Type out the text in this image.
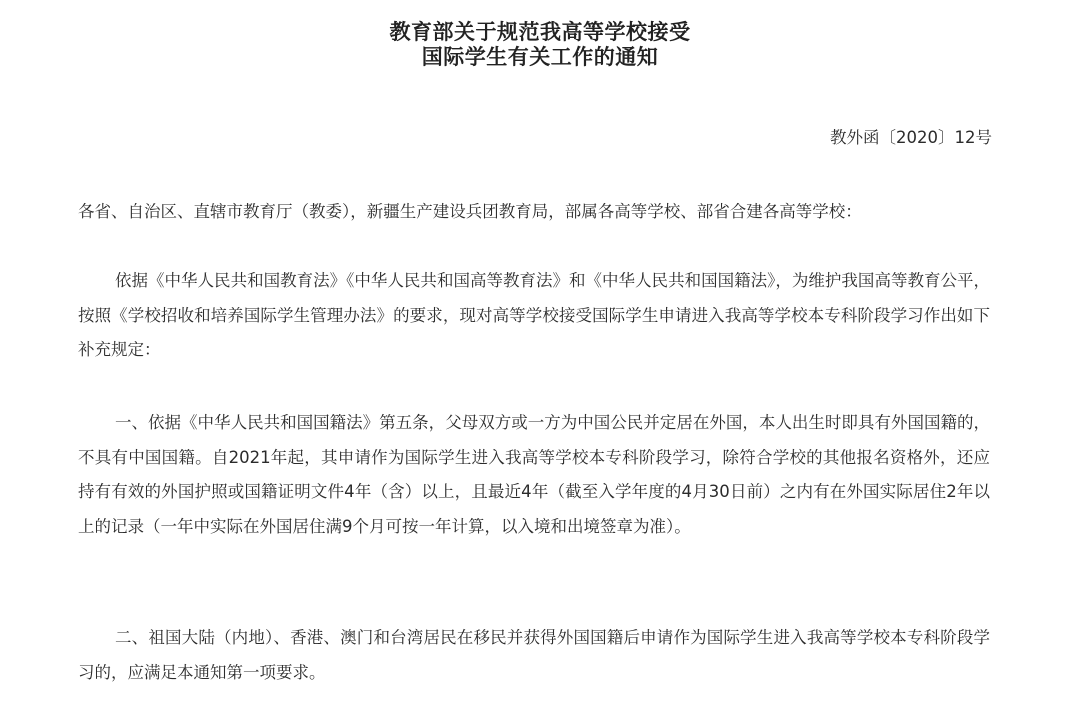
教育部关于规范我高等学校接受
国际学生有关工作的通知
教外函〔2020〕12号
各省、自治区、直辖市教育厅（教委），新疆生产建设兵团教育局，部属各高等学校、部省合建各高等学校：
依据《中华人民共和国教育法》《中华人民共和国高等教育法》和《中华人民共和国国籍法》，为维护我国高等教育公平，按照《学校招收和培养国际学生管理办法》的要求，现对高等学校接受国际学生申请进入我高等学校本专科阶段学习作出如下补充规定：
一、依据《中华人民共和国国籍法》第五条，父母双方或一方为中国公民并定居在外国，本人出生时即具有外国国籍的，不具有中国国籍。自2021年起，其申请作为国际学生进入我高等学校本专科阶段学习，除符合学校的其他报名资格外，还应持有有效的外国护照或国籍证明文件4年（含）以上，且最近4年（截至入学年度的4月30日前）之内有在外国实际居住2年以上的记录（一年中实际在外国居住满9个月可按一年计算，以入境和出境签章为准）。
二、祖国大陆（内地）、香港、澳门和台湾居民在移民并获得外国国籍后申请作为国际学生进入我高等学校本专科阶段学习的，应满足本通知第一项要求。
